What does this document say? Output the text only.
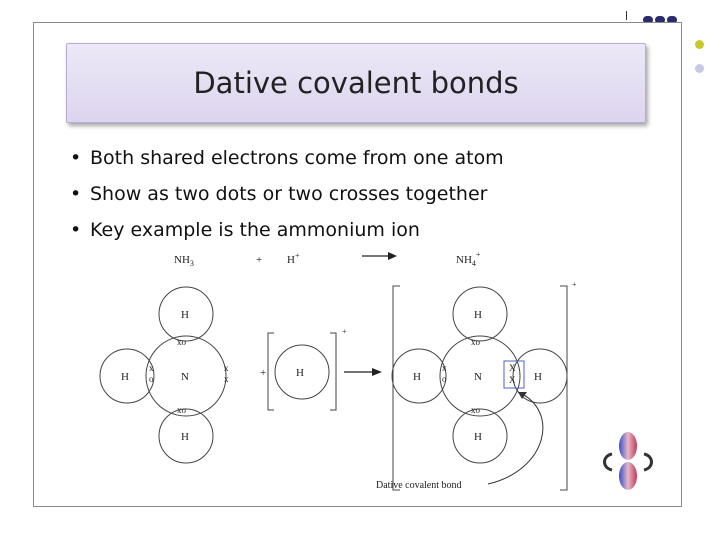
Dative covalent bonds
• Both shared electrons come from one atom
• Show as two dots or two crosses together
• Key example is the ammonium ion
$NH_3$	+ H+	$NH_4^+$
H
N
H
H
xo
xo
x
o
x
x	+
+
H
+
H
N
H
H	H
xo
xo
x
o
X
X
Dative covalent bond
